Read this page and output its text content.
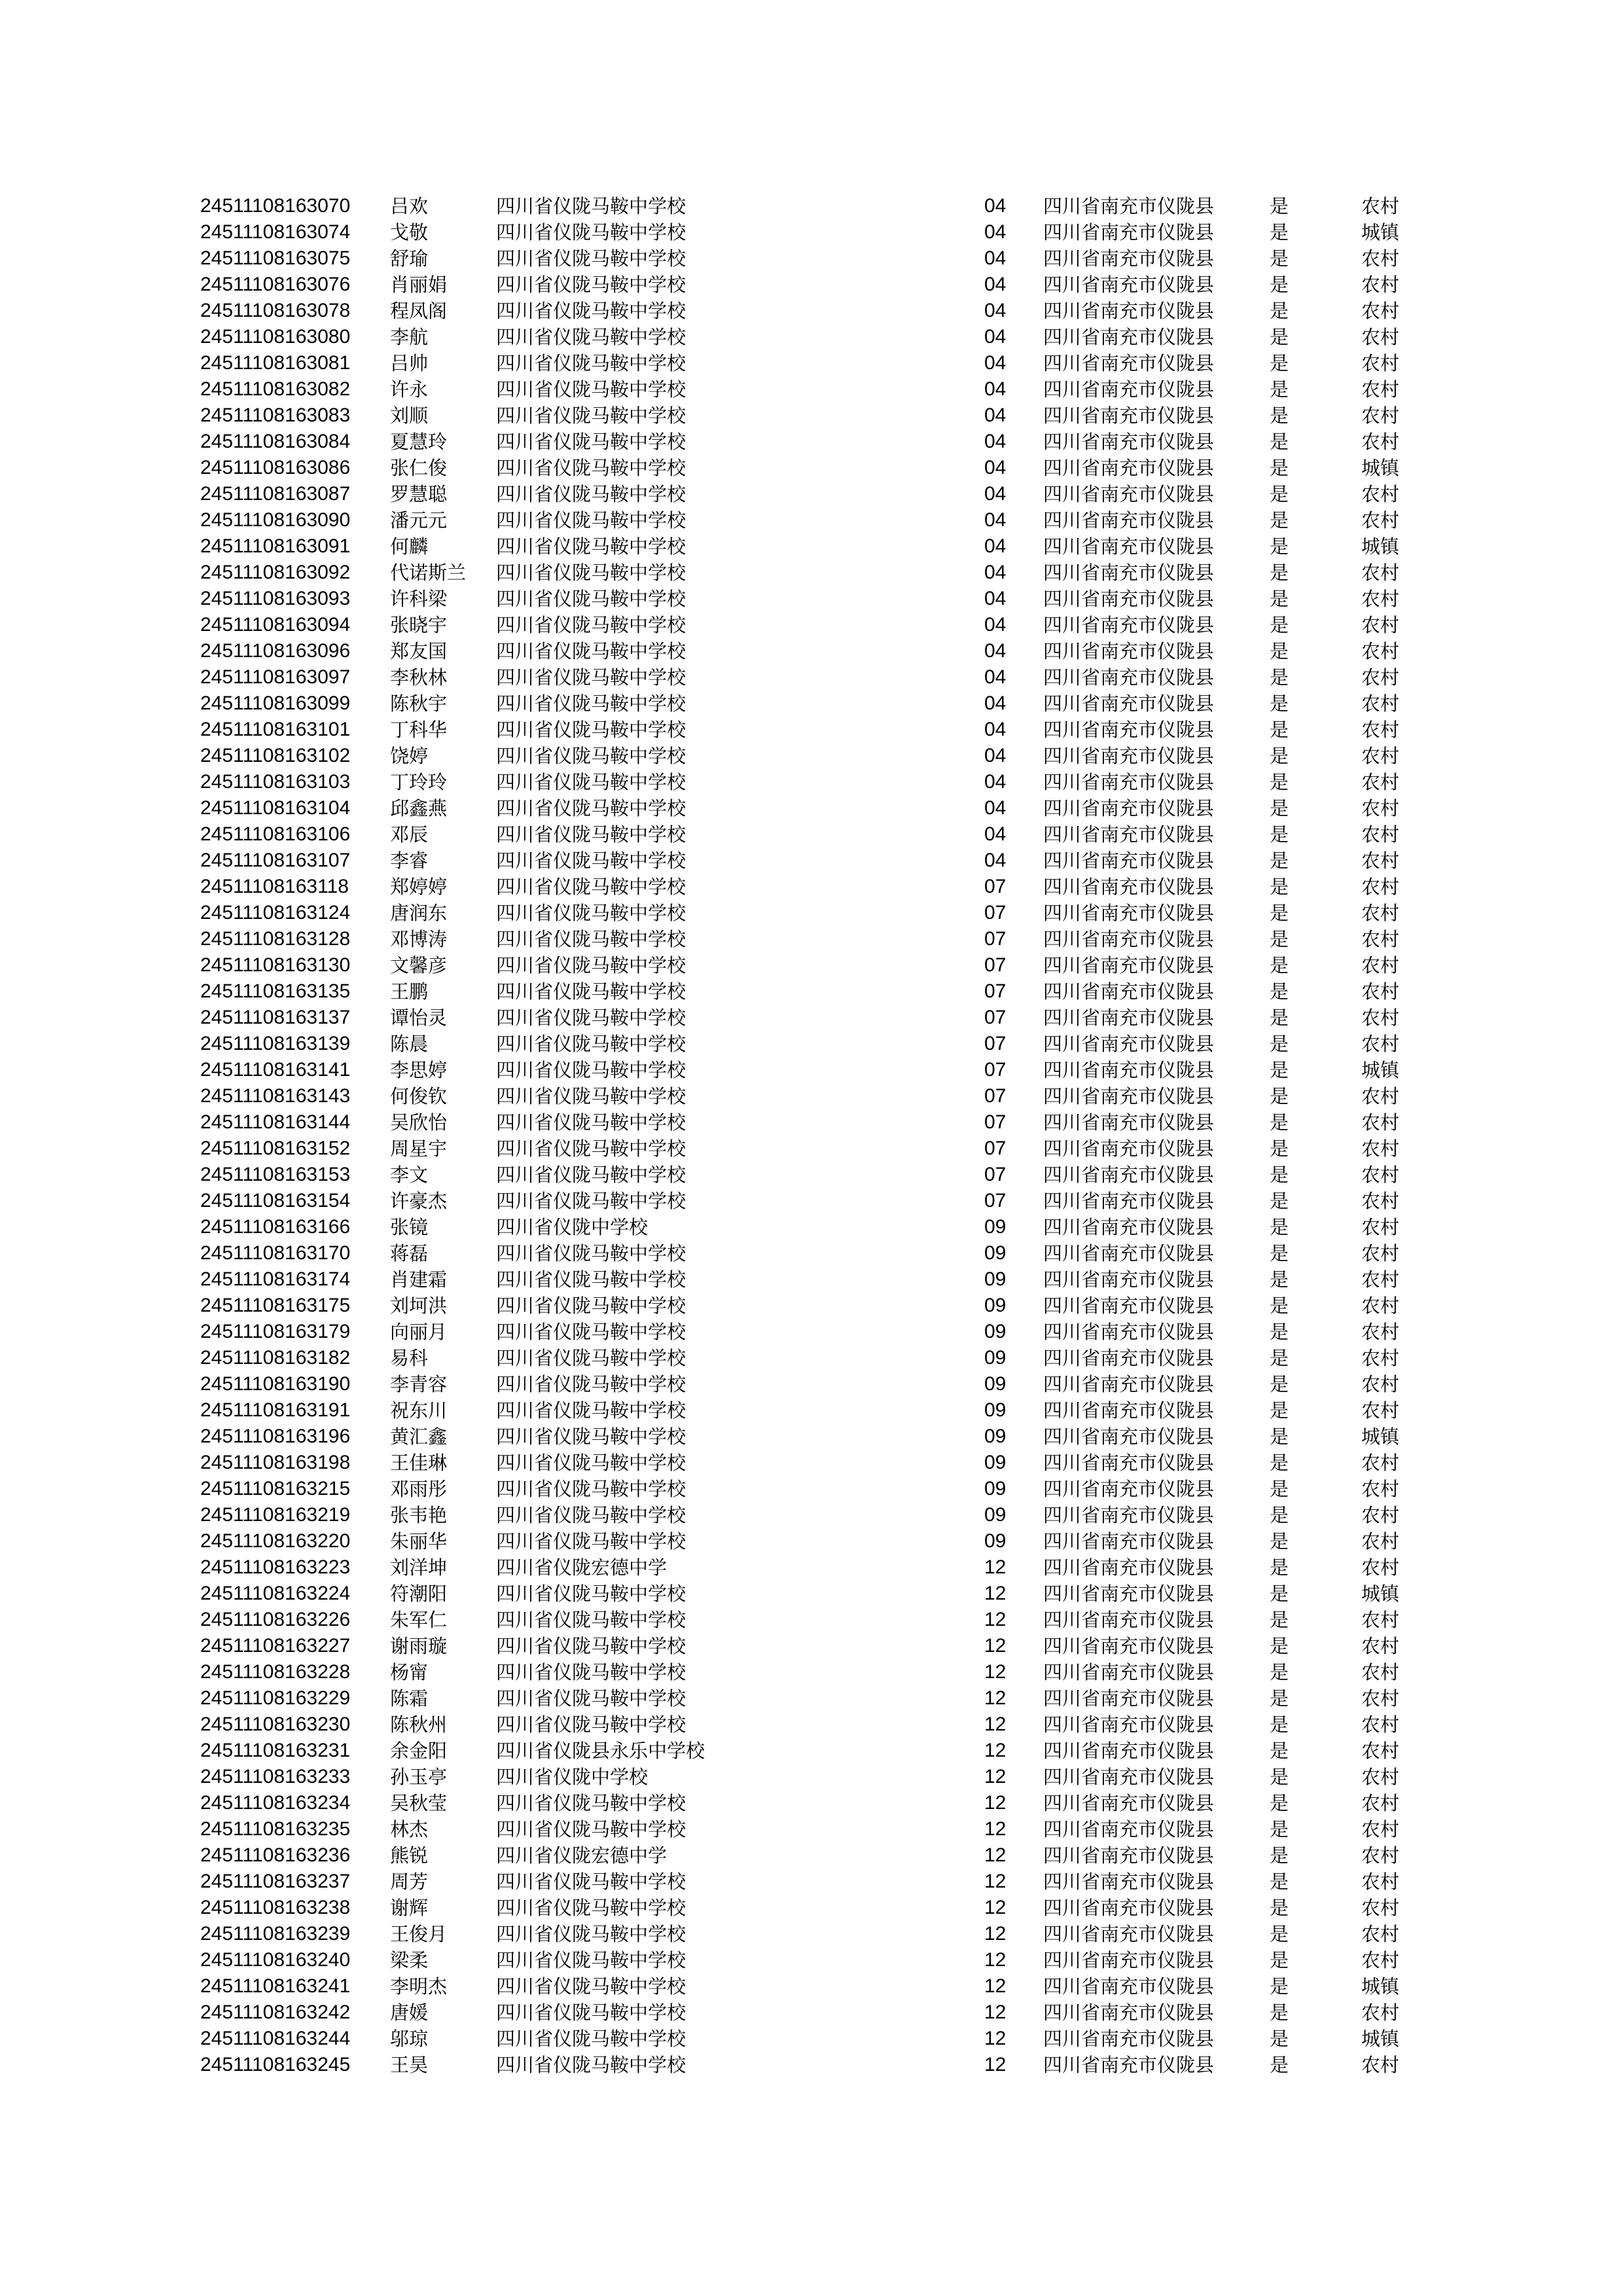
24511108163070 吕欢	四川省仪陇马鞍中学校	04 四川省南充市仪陇县	是	农村
24511108163074 戈敬	四川省仪陇马鞍中学校	04 四川省南充市仪陇县	是	城镇
24511108163075 舒瑜	四川省仪陇马鞍中学校	04 四川省南充市仪陇县	是	农村
24511108163076 肖丽娟	四川省仪陇马鞍中学校	04 四川省南充市仪陇县	是	农村
24511108163078 程凤阁	四川省仪陇马鞍中学校	04 四川省南充市仪陇县	是	农村
24511108163080 李航	四川省仪陇马鞍中学校	04 四川省南充市仪陇县	是	农村
24511108163081 吕帅	四川省仪陇马鞍中学校	04 四川省南充市仪陇县	是	农村
24511108163082 许永	四川省仪陇马鞍中学校	04 四川省南充市仪陇县	是	农村
24511108163083 刘顺	四川省仪陇马鞍中学校	04 四川省南充市仪陇县	是	农村
24511108163084 夏慧玲	四川省仪陇马鞍中学校	04 四川省南充市仪陇县	是	农村
24511108163086 张仁俊	四川省仪陇马鞍中学校	04 四川省南充市仪陇县	是	城镇
24511108163087 罗慧聪	四川省仪陇马鞍中学校	04 四川省南充市仪陇县	是	农村
24511108163090 潘元元	四川省仪陇马鞍中学校	04 四川省南充市仪陇县	是	农村
24511108163091 何麟	四川省仪陇马鞍中学校	04 四川省南充市仪陇县	是	城镇
24511108163092 代诺斯兰 四川省仪陇马鞍中学校	04 四川省南充市仪陇县	是	农村
24511108163093 许科梁	四川省仪陇马鞍中学校	04 四川省南充市仪陇县	是	农村
24511108163094 张晓宇	四川省仪陇马鞍中学校	04 四川省南充市仪陇县	是	农村
24511108163096 郑友国	四川省仪陇马鞍中学校	04 四川省南充市仪陇县	是	农村
24511108163097 李秋林	四川省仪陇马鞍中学校	04 四川省南充市仪陇县	是	农村
24511108163099 陈秋宇	四川省仪陇马鞍中学校	04 四川省南充市仪陇县	是	农村
24511108163101 丁科华	四川省仪陇马鞍中学校	04 四川省南充市仪陇县	是	农村
24511108163102 饶婷	四川省仪陇马鞍中学校	04 四川省南充市仪陇县	是	农村
24511108163103 丁玲玲	四川省仪陇马鞍中学校	04 四川省南充市仪陇县	是	农村
24511108163104 邱鑫燕	四川省仪陇马鞍中学校	04 四川省南充市仪陇县	是	农村
24511108163106 邓辰	四川省仪陇马鞍中学校	04 四川省南充市仪陇县	是	农村
24511108163107 李睿	四川省仪陇马鞍中学校	04 四川省南充市仪陇县	是	农村
24511108163118 郑婷婷	四川省仪陇马鞍中学校	07 四川省南充市仪陇县	是	农村
24511108163124 唐润东	四川省仪陇马鞍中学校	07 四川省南充市仪陇县	是	农村
24511108163128 邓博涛	四川省仪陇马鞍中学校	07 四川省南充市仪陇县	是	农村
24511108163130 文馨彦	四川省仪陇马鞍中学校	07 四川省南充市仪陇县	是	农村
24511108163135 王鹏	四川省仪陇马鞍中学校	07 四川省南充市仪陇县	是	农村
24511108163137 谭怡灵	四川省仪陇马鞍中学校	07 四川省南充市仪陇县	是	农村
24511108163139 陈晨	四川省仪陇马鞍中学校	07 四川省南充市仪陇县	是	农村
24511108163141 李思婷	四川省仪陇马鞍中学校	07 四川省南充市仪陇县	是	城镇
24511108163143 何俊钦	四川省仪陇马鞍中学校	07 四川省南充市仪陇县	是	农村
24511108163144 吴欣怡	四川省仪陇马鞍中学校	07 四川省南充市仪陇县	是	农村
24511108163152 周星宇	四川省仪陇马鞍中学校	07 四川省南充市仪陇县	是	农村
24511108163153 李文	四川省仪陇马鞍中学校	07 四川省南充市仪陇县	是	农村
24511108163154 许豪杰	四川省仪陇马鞍中学校	07 四川省南充市仪陇县	是	农村
24511108163166 张镜	四川省仪陇中学校	09 四川省南充市仪陇县	是	农村
24511108163170 蒋磊	四川省仪陇马鞍中学校	09 四川省南充市仪陇县	是	农村
24511108163174 肖建霜	四川省仪陇马鞍中学校	09 四川省南充市仪陇县	是	农村
24511108163175 刘坷洪	四川省仪陇马鞍中学校	09 四川省南充市仪陇县	是	农村
24511108163179 向丽月	四川省仪陇马鞍中学校	09 四川省南充市仪陇县	是	农村
24511108163182 易科	四川省仪陇马鞍中学校	09 四川省南充市仪陇县	是	农村
24511108163190 李青容	四川省仪陇马鞍中学校	09 四川省南充市仪陇县	是	农村
24511108163191 祝东川	四川省仪陇马鞍中学校	09 四川省南充市仪陇县	是	农村
24511108163196 黄汇鑫	四川省仪陇马鞍中学校	09 四川省南充市仪陇县	是	城镇
24511108163198 王佳琳	四川省仪陇马鞍中学校	09 四川省南充市仪陇县	是	农村
24511108163215 邓雨彤	四川省仪陇马鞍中学校	09 四川省南充市仪陇县	是	农村
24511108163219 张韦艳	四川省仪陇马鞍中学校	09 四川省南充市仪陇县	是	农村
24511108163220 朱丽华	四川省仪陇马鞍中学校	09 四川省南充市仪陇县	是	农村
24511108163223 刘洋坤	四川省仪陇宏德中学	12 四川省南充市仪陇县	是	农村
24511108163224 符潮阳	四川省仪陇马鞍中学校	12 四川省南充市仪陇县	是	城镇
24511108163226 朱军仁	四川省仪陇马鞍中学校	12 四川省南充市仪陇县	是	农村
24511108163227 谢雨璇	四川省仪陇马鞍中学校	12 四川省南充市仪陇县	是	农村
24511108163228 杨甯	四川省仪陇马鞍中学校	12 四川省南充市仪陇县	是	农村
24511108163229 陈霜	四川省仪陇马鞍中学校	12 四川省南充市仪陇县	是	农村
24511108163230 陈秋州	四川省仪陇马鞍中学校	12 四川省南充市仪陇县	是	农村
24511108163231 余金阳	四川省仪陇县永乐中学校	12 四川省南充市仪陇县	是	农村
24511108163233 孙玉亭	四川省仪陇中学校	12 四川省南充市仪陇县	是	农村
24511108163234 吴秋莹	四川省仪陇马鞍中学校	12 四川省南充市仪陇县	是	农村
24511108163235 林杰	四川省仪陇马鞍中学校	12 四川省南充市仪陇县	是	农村
24511108163236 熊锐	四川省仪陇宏德中学	12 四川省南充市仪陇县	是	农村
24511108163237 周芳	四川省仪陇马鞍中学校	12 四川省南充市仪陇县	是	农村
24511108163238 谢辉	四川省仪陇马鞍中学校	12 四川省南充市仪陇县	是	农村
24511108163239 王俊月	四川省仪陇马鞍中学校	12 四川省南充市仪陇县	是	农村
24511108163240 梁柔	四川省仪陇马鞍中学校	12 四川省南充市仪陇县	是	农村
24511108163241 李明杰	四川省仪陇马鞍中学校	12 四川省南充市仪陇县	是	城镇
24511108163242 唐媛	四川省仪陇马鞍中学校	12 四川省南充市仪陇县	是	农村
24511108163244 邬琼	四川省仪陇马鞍中学校	12 四川省南充市仪陇县	是	城镇
24511108163245 王昊	四川省仪陇马鞍中学校	12 四川省南充市仪陇县	是	农村
